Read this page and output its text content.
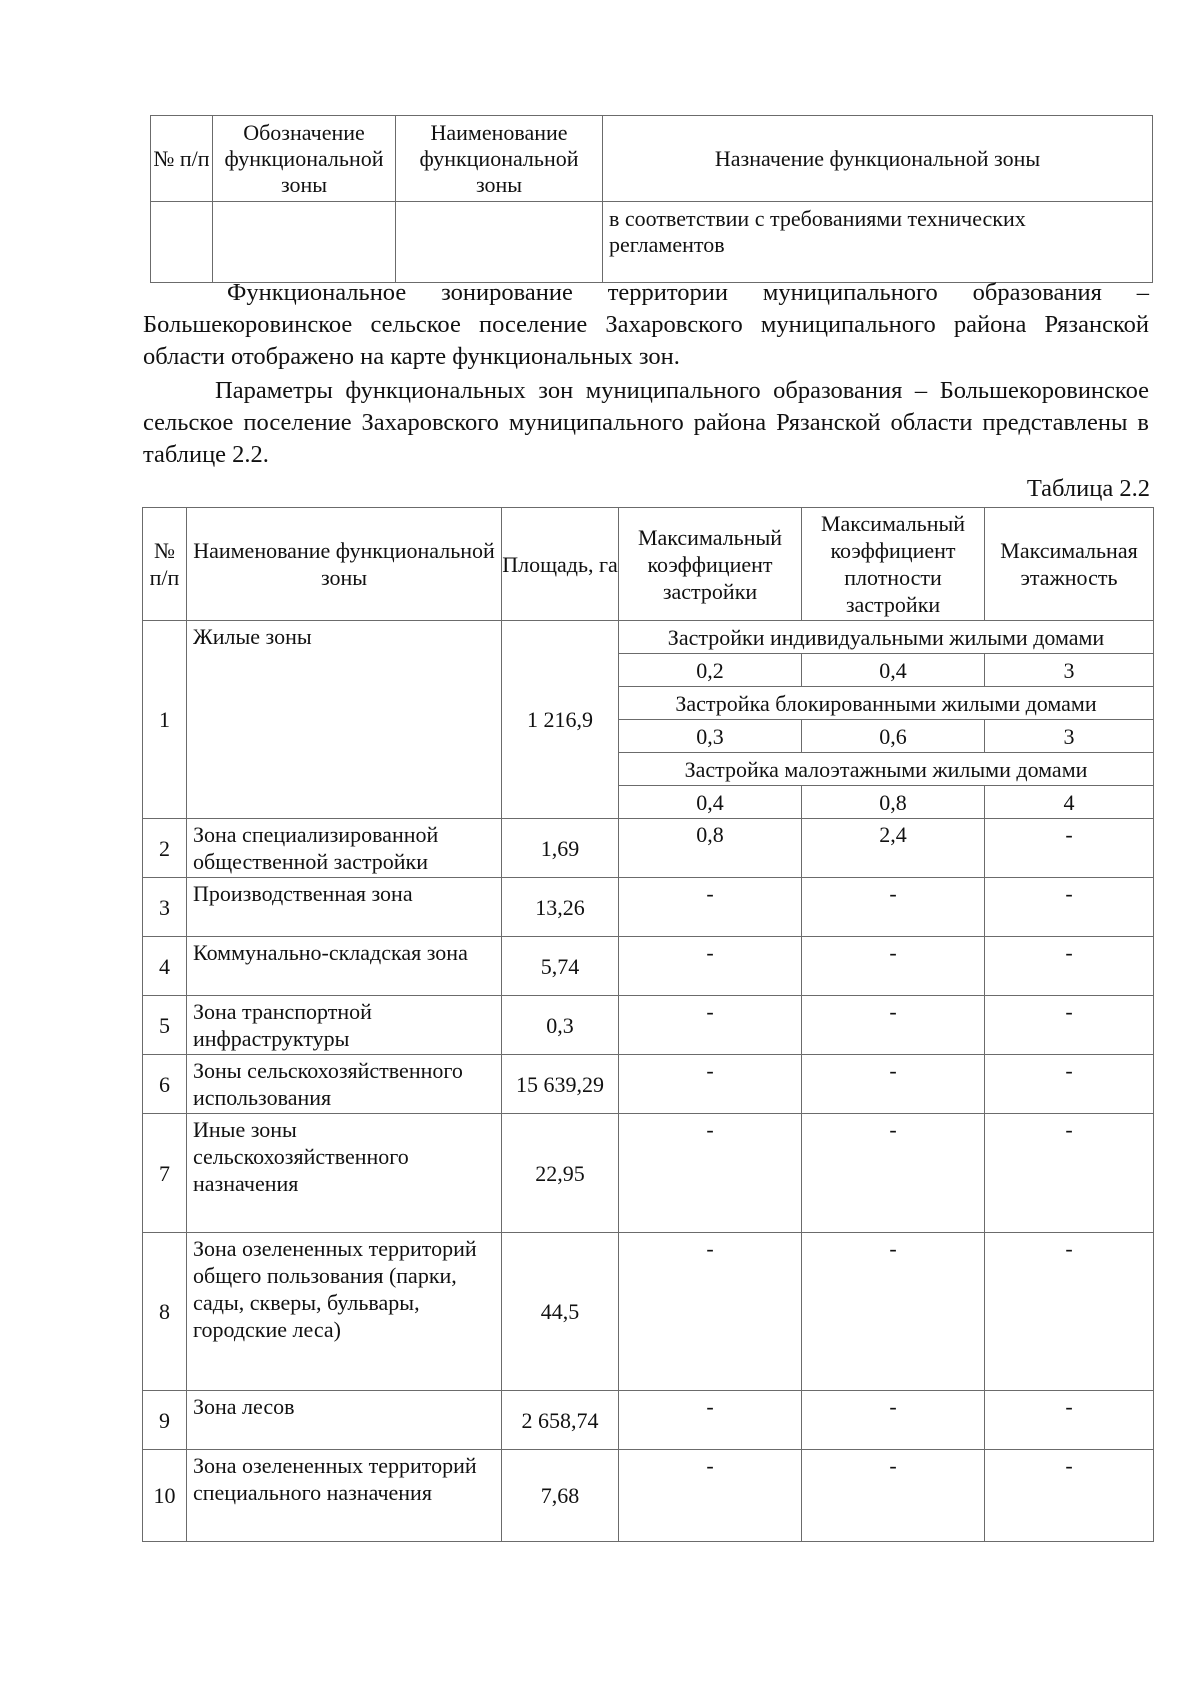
№ п/п	Обозначение функциональной зоны	Наименование функциональной зоны	Назначение функциональной зоны
			в соответствии с требованиями технических регламентов

Функциональное зонирование территории муниципального образования – Большекоровинское сельское поселение Захаровского муниципального района Рязанской области отображено на карте функциональных зон.

Параметры функциональных зон муниципального образования – Большекоровинское сельское поселение Захаровского муниципального района Рязанской области представлены в таблице 2.2.

Таблица 2.2
№ п/п	Наименование функциональной зоны	Площадь, га	Максимальный коэффициент застройки	Максимальный коэффициент плотности застройки	Максимальная этажность
1	Жилые зоны	1 216,9	Застройки индивидуальными жилыми домами		
			0,2	0,4	3
			Застройка блокированными жилыми домами		
			0,3	0,6	3
			Застройка малоэтажными жилыми домами		
			0,4	0,8	4
2	Зона специализированной общественной застройки	1,69	0,8	2,4	-
3	Производственная зона	13,26	-	-	-
4	Коммунально-складская зона	5,74	-	-	-
5	Зона транспортной инфраструктуры	0,3	-	-	-
6	Зоны сельскохозяйственного использования	15 639,29	-	-	-
7	Иные зоны сельскохозяйственного назначения	22,95	-	-	-
8	Зона озелененных территорий общего пользования (парки, сады, скверы, бульвары, городские леса)	44,5	-	-	-
9	Зона лесов	2 658,74	-	-	-
10	Зона озелененных территорий специального назначения	7,68	-	-	-
